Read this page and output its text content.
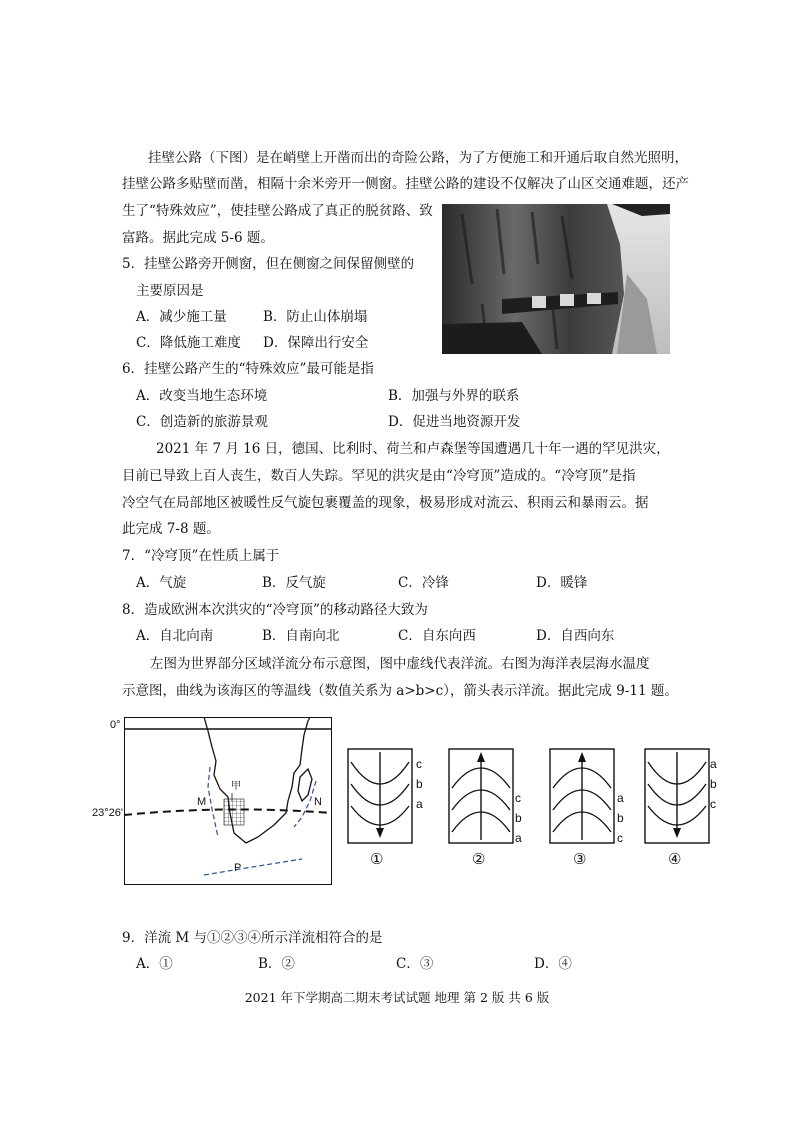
挂壁公路（下图）是在峭壁上开凿而出的奇险公路，为了方便施工和开通后取自然光照明，
挂壁公路多贴壁而凿，相隔十余米旁开一侧窗。挂壁公路的建设不仅解决了山区交通难题，还产
生了“特殊效应”，使挂壁公路成了真正的脱贫路、致
富路。据此完成 5-6 题。
5．挂壁公路旁开侧窗，但在侧窗之间保留侧壁的
主要原因是
A．减少施工量	B．防止山体崩塌
C．降低施工难度 D．保障出行安全
6．挂壁公路产生的“特殊效应”最可能是指
A．改变当地生态环境	B．加强与外界的联系
C．创造新的旅游景观	D．促进当地资源开发
2021 年 7 月 16 日，德国、比利时、荷兰和卢森堡等国遭遇几十年一遇的罕见洪灾，
目前已导致上百人丧生，数百人失踪。罕见的洪灾是由“冷穹顶”造成的。“冷穹顶”是指
冷空气在局部地区被暖性反气旋包裹覆盖的现象，极易形成对流云、积雨云和暴雨云。据
此完成 7-8 题。
7．“冷穹顶”在性质上属于
A．气旋	B．反气旋	C．冷锋	D．暖锋
8．造成欧洲本次洪灾的“冷穹顶”的移动路径大致为
A．自北向南	B．自南向北	C．自东向西	D．自西向东
左图为世界部分区域洋流分布示意图，图中虚线代表洋流。右图为海洋表层海水温度
示意图，曲线为该海区的等温线（数值关系为 a>b>c），箭头表示洋流。据此完成 9-11 题。
0°
23°26'
M	N
P
甲
c
b
a	c
b
a
a
b
c
a
b
c
①	②	③	④
9．洋流 M 与①②③④所示洋流相符合的是
A．①	B．②	C．③	D．④
2021 年下学期高二期末考试试题 地理 第 2 版 共 6 版
